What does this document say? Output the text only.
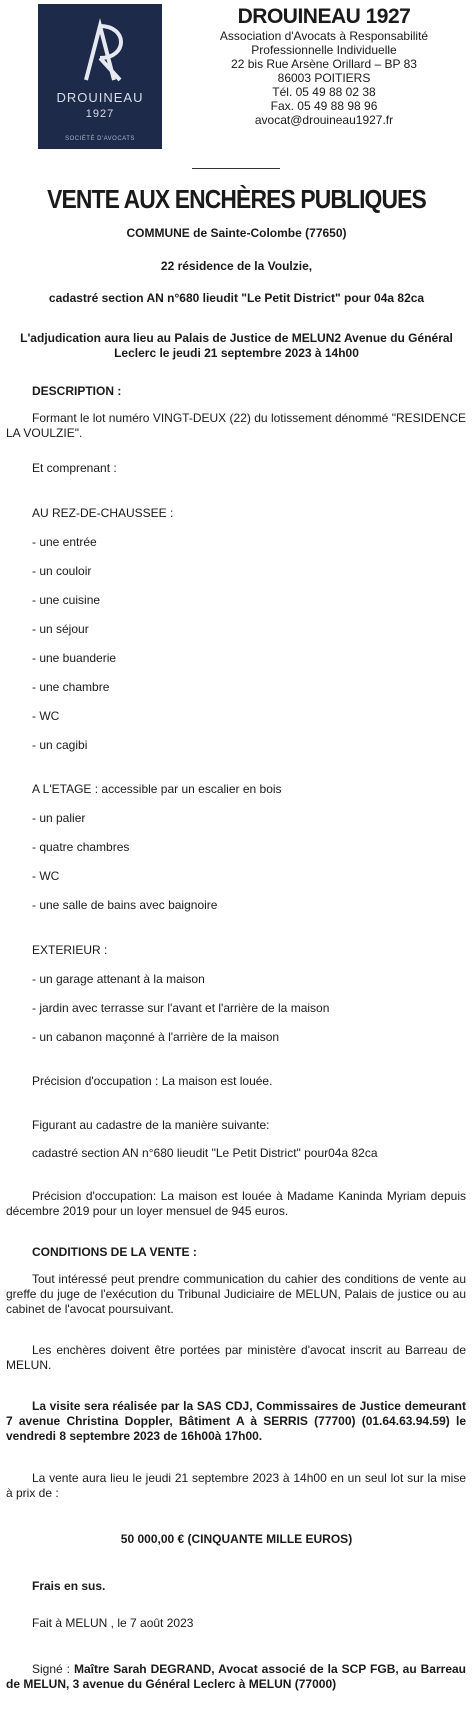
DROUINEAU
1927
SOCIÉTÉ D'AVOCATS
DROUINEAU 1927
Association d'Avocats à Responsabilité
Professionnelle Individuelle
22 bis Rue Arsène Orillard – BP 83
86003 POITIERS
Tél. 05 49 88 02 38
Fax. 05 49 88 98 96
avocat@drouineau1927.fr
VENTE AUX ENCHÈRES PUBLIQUES
COMMUNE de Sainte-Colombe (77650)
22 résidence de la Voulzie,
cadastré section AN n°680 lieudit "Le Petit District" pour 04a 82ca
L'adjudication aura lieu au Palais de Justice de MELUN2 Avenue du Général Leclerc le jeudi 21 septembre 2023 à 14h00
DESCRIPTION :
Formant le lot numéro VINGT-DEUX (22) du lotissement dénommé "RESIDENCE LA VOULZIE".
Et comprenant :
AU REZ-DE-CHAUSSEE :
- une entrée
- un couloir
- une cuisine
- un séjour
- une buanderie
- une chambre
- WC
- un cagibi
A L'ETAGE : accessible par un escalier en bois
- un palier
- quatre chambres
- WC
- une salle de bains avec baignoire
EXTERIEUR :
- un garage attenant à la maison
- jardin avec terrasse sur l'avant et l'arrière de la maison
- un cabanon maçonné à l'arrière de la maison
Précision d'occupation : La maison est louée.
Figurant au cadastre de la manière suivante:
cadastré section AN n°680 lieudit "Le Petit District" pour04a 82ca
Précision d'occupation: La maison est louée à Madame Kaninda Myriam depuis décembre 2019 pour un loyer mensuel de 945 euros.
CONDITIONS DE LA VENTE :
Tout intéressé peut prendre communication du cahier des conditions de vente au greffe du juge de l'exécution du Tribunal Judiciaire de MELUN, Palais de justice ou au cabinet de l'avocat poursuivant.
Les enchères doivent être portées par ministère d'avocat inscrit au Barreau de MELUN.
La visite sera réalisée par la SAS CDJ, Commissaires de Justice demeurant 7 avenue Christina Doppler, Bâtiment A à SERRIS (77700) (01.64.63.94.59) le vendredi 8 septembre 2023 de 16h00à 17h00.
La vente aura lieu le jeudi 21 septembre 2023 à 14h00 en un seul lot sur la mise à prix de :
50 000,00 € (CINQUANTE MILLE EUROS)
Frais en sus.
Fait à MELUN , le 7 août 2023
Signé : Maître Sarah DEGRAND, Avocat associé de la SCP FGB, au Barreau de MELUN, 3 avenue du Général Leclerc à MELUN (77000)
